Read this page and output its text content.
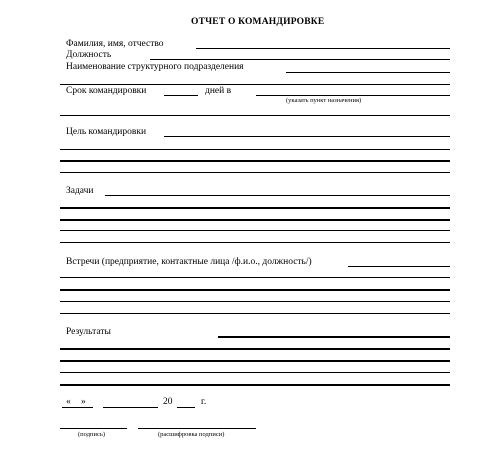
ОТЧЕТ О КОМАНДИРОВКЕ
Фамилия, имя, отчество
Должность
Наименование структурного подразделения
Срок командировки	дней в
(указать пункт назначения)
Цель командировки
Задачи
Встречи (предприятие, контактные лица /ф.и.о., должность/)
Результаты
« »	20	г.
(подпись)	(расшифровка подписи)
